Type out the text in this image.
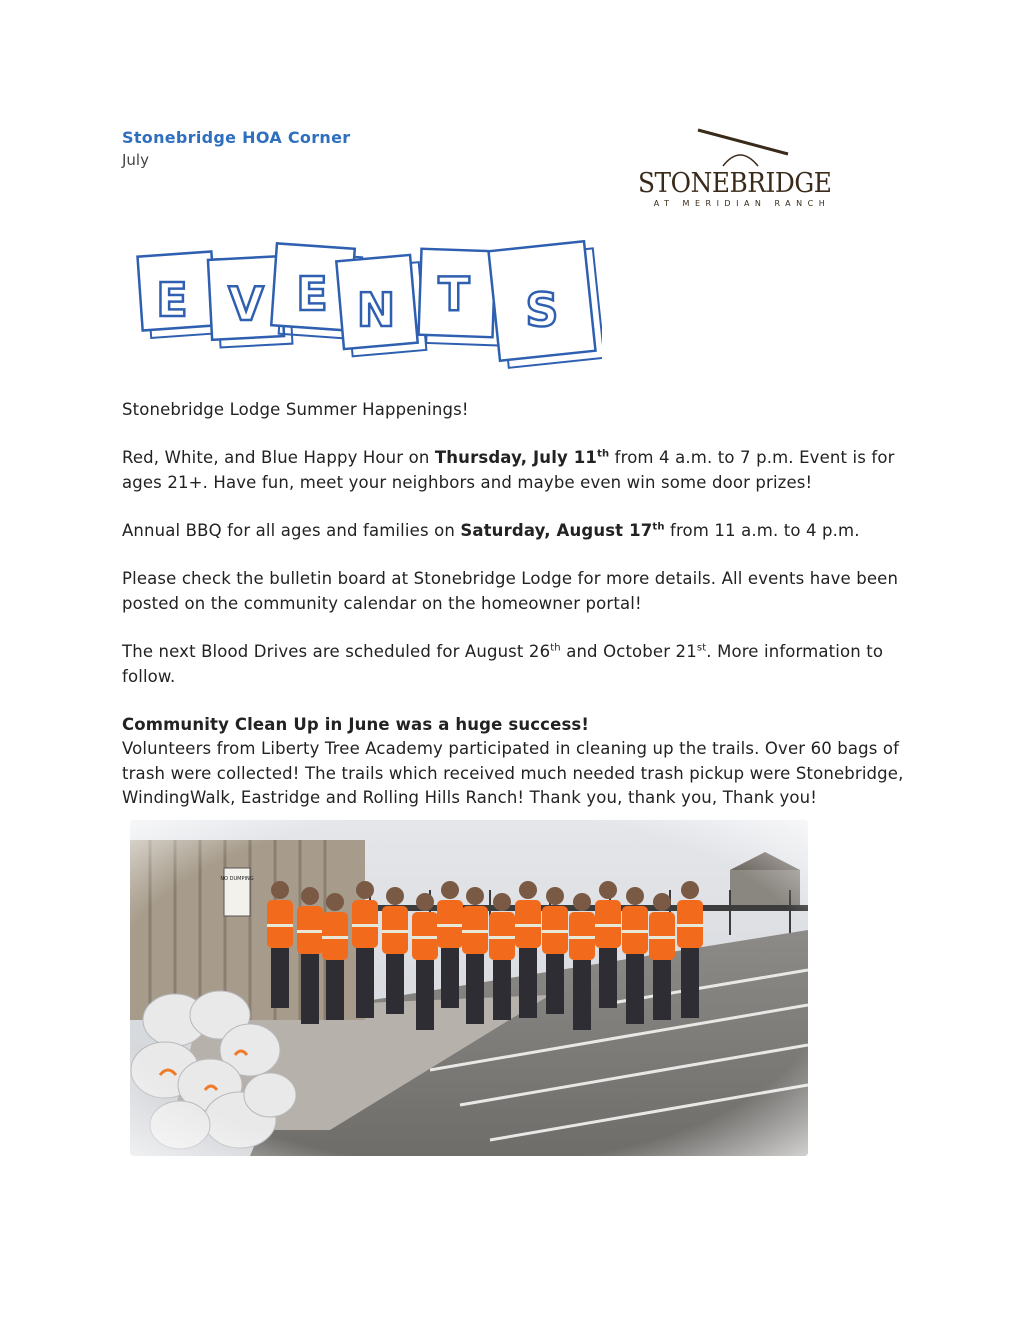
Stonebridge HOA Corner
July
STONEBRIDGE
AT MERIDIAN RANCH
E V E N T S
Stonebridge Lodge Summer Happenings!
Red, White, and Blue Happy Hour on Thursday, July 11th from 4 a.m. to 7 p.m. Event is for ages 21+. Have fun, meet your neighbors and maybe even win some door prizes!
Annual BBQ for all ages and families on Saturday, August 17th from 11 a.m. to 4 p.m.
Please check the bulletin board at Stonebridge Lodge for more details. All events have been posted on the community calendar on the homeowner portal!
The next Blood Drives are scheduled for August 26th and October 21st. More information to follow.
Community Clean Up in June was a huge success!
Volunteers from Liberty Tree Academy participated in cleaning up the trails. Over 60 bags of trash were collected! The trails which received much needed trash pickup were Stonebridge, WindingWalk, Eastridge and Rolling Hills Ranch! Thank you, thank you, Thank you!
